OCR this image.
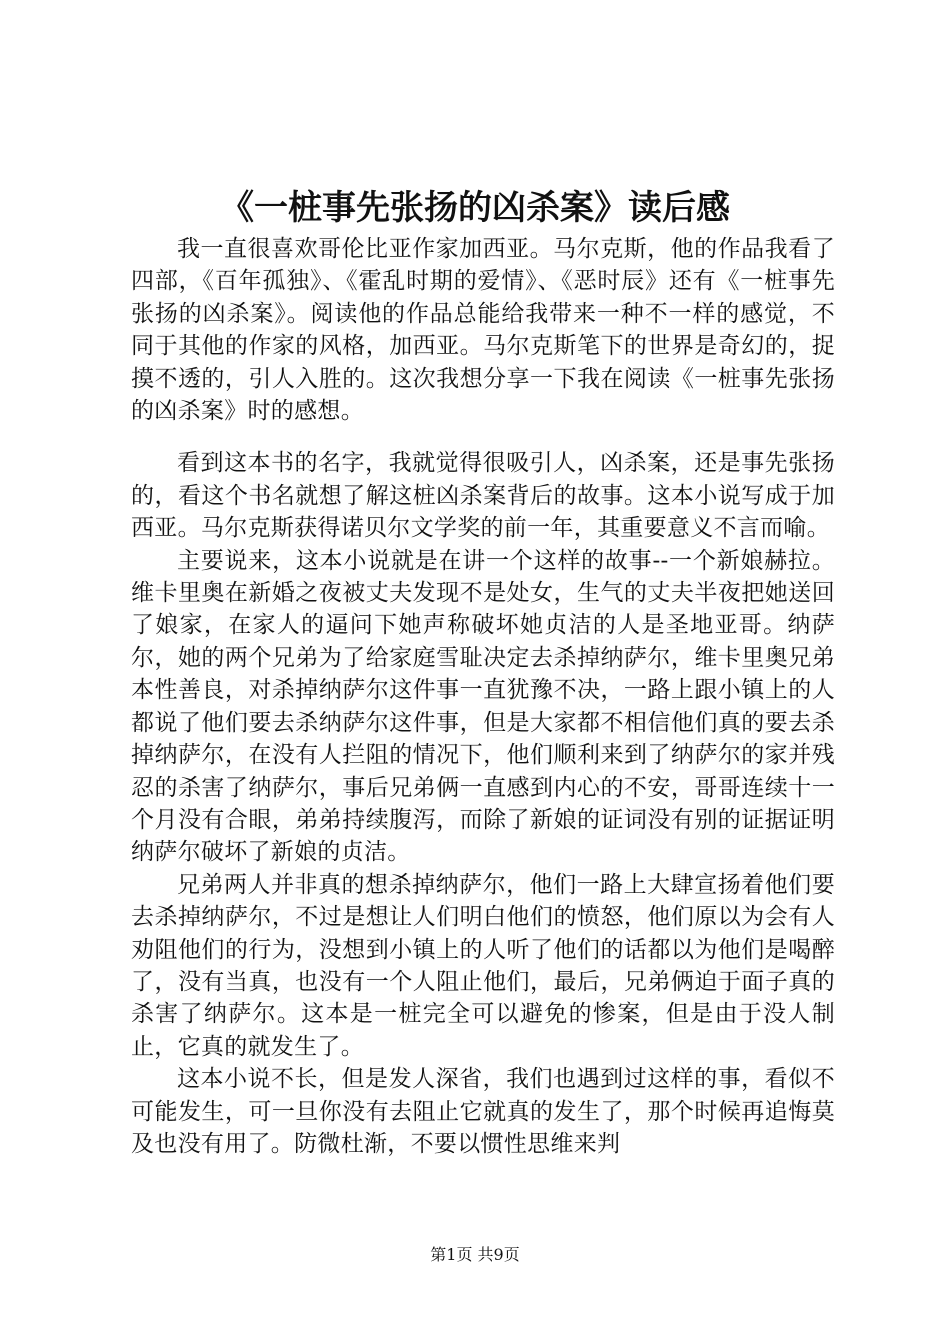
《一桩事先张扬的凶杀案》读后感

我一直很喜欢哥伦比亚作家加西亚。马尔克斯，他的作品我看了四部，《百年孤独》、《霍乱时期的爱情》、《恶时辰》还有《一桩事先张扬的凶杀案》。阅读他的作品总能给我带来一种不一样的感觉，不同于其他的作家的风格，加西亚。马尔克斯笔下的世界是奇幻的，捉摸不透的，引人入胜的。这次我想分享一下我在阅读《一桩事先张扬的凶杀案》时的感想。

看到这本书的名字，我就觉得很吸引人，凶杀案，还是事先张扬的，看这个书名就想了解这桩凶杀案背后的故事。这本小说写成于加西亚。马尔克斯获得诺贝尔文学奖的前一年，其重要意义不言而喻。

主要说来，这本小说就是在讲一个这样的故事--一个新娘赫拉。维卡里奥在新婚之夜被丈夫发现不是处女，生气的丈夫半夜把她送回了娘家，在家人的逼问下她声称破坏她贞洁的人是圣地亚哥。纳萨尔，她的两个兄弟为了给家庭雪耻决定去杀掉纳萨尔，维卡里奥兄弟本性善良，对杀掉纳萨尔这件事一直犹豫不决，一路上跟小镇上的人都说了他们要去杀纳萨尔这件事，但是大家都不相信他们真的要去杀掉纳萨尔，在没有人拦阻的情况下，他们顺利来到了纳萨尔的家并残忍的杀害了纳萨尔，事后兄弟俩一直感到内心的不安，哥哥连续十一个月没有合眼，弟弟持续腹泻，而除了新娘的证词没有别的证据证明纳萨尔破坏了新娘的贞洁。

兄弟两人并非真的想杀掉纳萨尔，他们一路上大肆宣扬着他们要去杀掉纳萨尔，不过是想让人们明白他们的愤怒，他们原以为会有人劝阻他们的行为，没想到小镇上的人听了他们的话都以为他们是喝醉了，没有当真，也没有一个人阻止他们，最后，兄弟俩迫于面子真的杀害了纳萨尔。这本是一桩完全可以避免的惨案，但是由于没人制止，它真的就发生了。

这本小说不长，但是发人深省，我们也遇到过这样的事，看似不可能发生，可一旦你没有去阻止它就真的发生了，那个时候再追悔莫及也没有用了。防微杜渐，不要以惯性思维来判

第1页 共9页
